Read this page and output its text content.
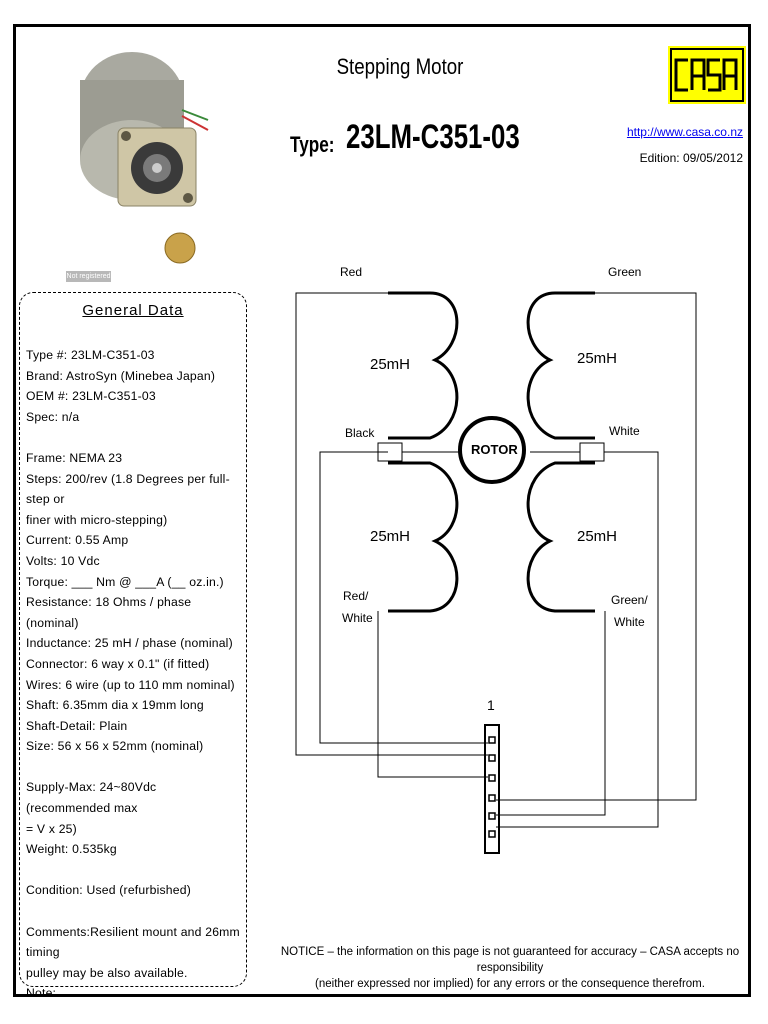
Not registered
Stepping Motor
Type: 23LM-C351-03	http://www.casa.co.nz
Edition: 09/05/2012
General Data
Type #: 23LM-C351-03
Brand: AstroSyn (Minebea Japan)
OEM #: 23LM-C351-03
Spec: n/a
Frame: NEMA 23
Steps: 200/rev (1.8 Degrees per full-step or
finer with micro-stepping)
Current: 0.55 Amp
Volts: 10 Vdc
Torque: ___ Nm @ ___A (__ oz.in.)
Resistance: 18 Ohms / phase (nominal)
Inductance: 25 mH / phase (nominal)
Connector: 6 way x 0.1" (if fitted)
Wires: 6 wire (up to 110 mm nominal)
Shaft: 6.35mm dia x 19mm long
Shaft-Detail: Plain
Size: 56 x 56 x 52mm (nominal)
Supply-Max: 24~80Vdc (recommended max
= V x 25)
Weight: 0.535kg
Condition: Used (refurbished)
Comments:Resilient mount and 26mm timing
pulley may be also available.
Note:
Red	Green
Black	White
Red/
White
Green/
White
25mH	25mH
25mH	25mH
ROTOR
1
NOTICE – the information on this page is not guaranteed for accuracy – CASA accepts no responsibility
(neither expressed nor implied) for any errors or the consequence therefrom.
